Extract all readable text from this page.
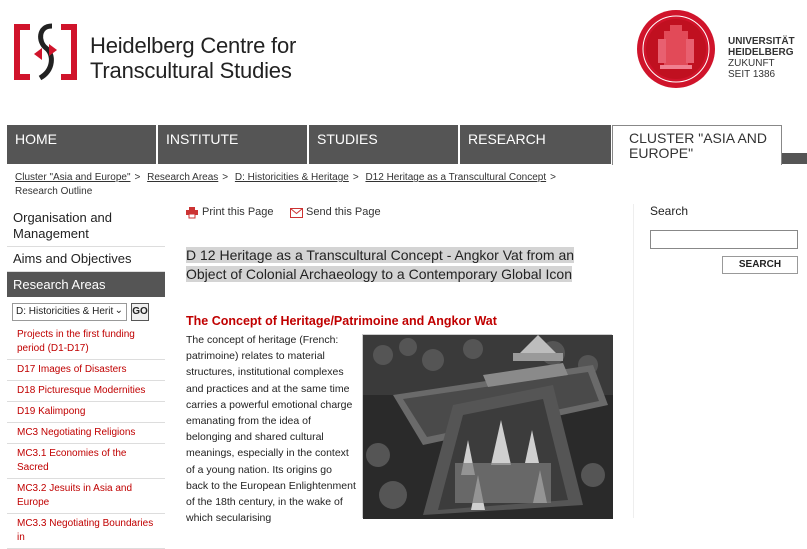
Heidelberg Centre for
Transcultural Studies
UNIVERSITÄT
HEIDELBERG
ZUKUNFT
SEIT 1386
HOME	INSTITUTE	STUDIES	RESEARCH	CLUSTER "ASIA AND EUROPE"
Cluster "Asia and Europe" > Research Areas > D: Historicities & Heritage > D12 Heritage as a Transcultural Concept >
Research Outline
Organisation and Management
Aims and Objectives
Research Areas
D: Historicities & Herit ⌄ GO
Projects in the first funding period (D1-D17)
D17 Images of Disasters
D18 Picturesque Modernities
D19 Kalimpong
MC3 Negotiating Religions
MC3.1 Economies of the Sacred
MC3.2 Jesuits in Asia and Europe
MC3.3 Negotiating Boundaries in
Print this Page	Send this Page
D 12 Heritage as a Transcultural Concept - Angkor Vat from an Object of Colonial Archaeology to a Contemporary Global Icon
The Concept of Heritage/Patrimoine and Angkor Wat
The concept of heritage (French: patrimoine) relates to material structures, institutional complexes and practices and at the same time carries a powerful emotional charge emanating from the idea of belonging and shared cultural meanings, especially in the context of a young nation. Its origins go back to the European Enlightenment of the 18th century, in the wake of which secularising
Search
SEARCH
